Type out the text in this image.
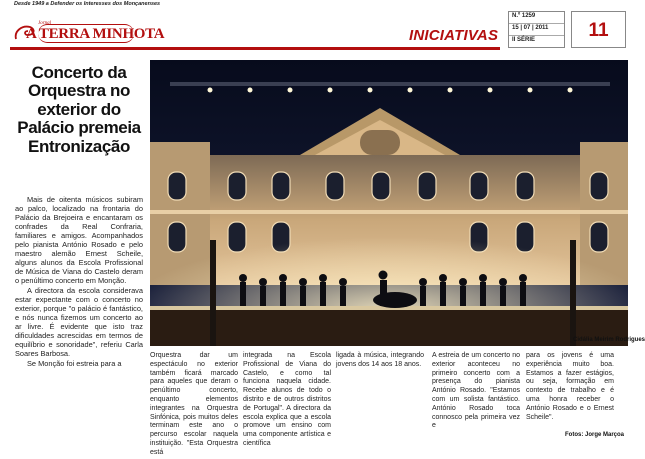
Desde 1949 a Defender os Interesses dos Monçanenses
Jornal
A TERRA MINHOTA	INICIATIVAS
N.º 1259
15 | 07 | 2011
II SÉRIE	11
Concerto da Orquestra no exterior do Palácio premeia Entronização

Mais de oitenta músicos subiram ao palco, localizado na frontaria do Palácio da Brejoeira e encantaram os confrades da Real Confraria, familiares e amigos. Acompanhados pelo pianista António Rosado e pelo maestro alemão Ernest Scheile, alguns alunos da Escola Profissional de Música de Viana do Castelo deram o penúltimo concerto em Monção.

A directora da escola considerava estar expectante com o concerto no exterior, porque "o palácio é fantástico, e nós nunca fizemos um concerto ao ar livre. É evidente que isto traz dificuldades acrescidas em termos de equilíbrio e sonoridade", referiu Carla Soares Barbosa.

Se Monção foi estreia para a

Cidália Meirim Rodrigues

Orquestra dar um espectáculo no exterior também ficará marcado para aqueles que deram o penúltimo concerto, enquanto elementos integrantes na Orquestra Sinfónica, pois muitos deles terminam este ano o percurso escolar naquela instituição. "Esta Orquestra está

integrada na Escola Profissional de Viana do Castelo, e como tal funciona naquela cidade. Recebe alunos de todo o distrito e de outros distritos de Portugal". A directora da escola explica que a escola promove um ensino com uma componente artística e científica

ligada à música, integrando jovens dos 14 aos 18 anos.

A estreia de um concerto no exterior aconteceu no primeiro concerto com a presença do pianista António Rosado. "Estamos com um solista fantástico. António Rosado toca connosco pela primeira vez e

para os jovens é uma experiência muito boa. Estamos a fazer estágios, ou seja, formação em contexto de trabalho e é uma honra receber o António Rosado e o Ernest Scheile".

Fotos: Jorge Marçoa
